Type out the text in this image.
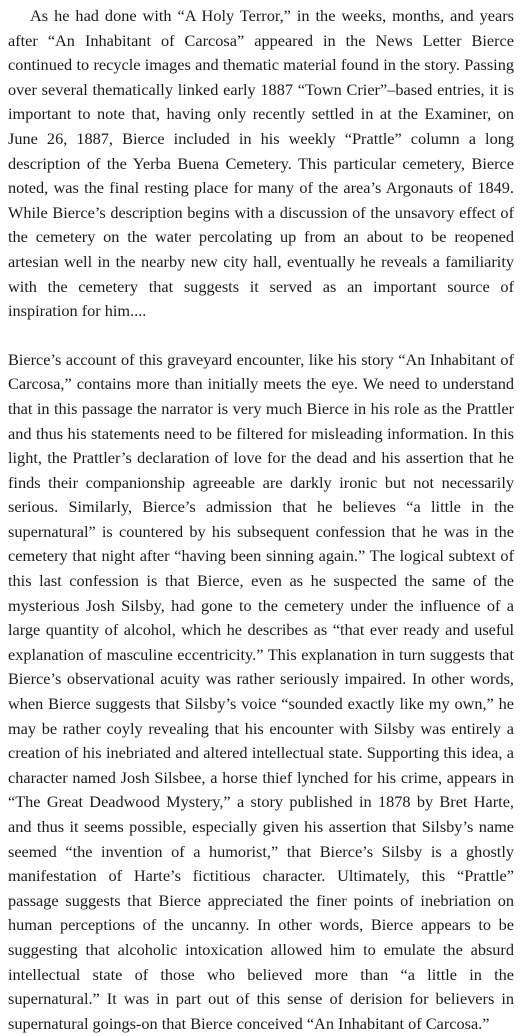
As he had done with “A Holy Terror,” in the weeks, months, and years after “An Inhabitant of Carcosa” appeared in the News Letter Bierce continued to recycle images and thematic material found in the story. Passing over several thematically linked early 1887 “Town Crier”–based entries, it is important to note that, having only recently settled in at the Examiner, on June 26, 1887, Bierce included in his weekly “Prattle” column a long description of the Yerba Buena Cemetery. This particular cemetery, Bierce noted, was the final resting place for many of the area’s Argonauts of 1849. While Bierce’s description begins with a discussion of the unsavory effect of the cemetery on the water percolating up from an about to be reopened artesian well in the nearby new city hall, eventually he reveals a familiarity with the cemetery that suggests it served as an important source of inspiration for him....

Bierce’s account of this graveyard encounter, like his story “An Inhabitant of Carcosa,” contains more than initially meets the eye. We need to understand that in this passage the narrator is very much Bierce in his role as the Prattler and thus his statements need to be filtered for misleading information. In this light, the Prattler’s declaration of love for the dead and his assertion that he finds their companionship agreeable are darkly ironic but not necessarily serious. Similarly, Bierce’s admission that he believes “a little in the supernatural” is countered by his subsequent confession that he was in the cemetery that night after “having been sinning again.” The logical subtext of this last confession is that Bierce, even as he suspected the same of the mysterious Josh Silsby, had gone to the cemetery under the influence of a large quantity of alcohol, which he describes as “that ever ready and useful explanation of masculine eccentricity.” This explanation in turn suggests that Bierce’s observational acuity was rather seriously impaired. In other words, when Bierce suggests that Silsby’s voice “sounded exactly like my own,” he may be rather coyly revealing that his encounter with Silsby was entirely a creation of his inebriated and altered intellectual state. Supporting this idea, a character named Josh Silsbee, a horse thief lynched for his crime, appears in “The Great Deadwood Mystery,” a story published in 1878 by Bret Harte, and thus it seems possible, especially given his assertion that Silsby’s name seemed “the invention of a humorist,” that Bierce’s Silsby is a ghostly manifestation of Harte’s fictitious character. Ultimately, this “Prattle” passage suggests that Bierce appreciated the finer points of inebriation on human perceptions of the uncanny. In other words, Bierce appears to be suggesting that alcoholic intoxication allowed him to emulate the absurd intellectual state of those who believed more than “a little in the supernatural.” It was in part out of this sense of derision for believers in supernatural goings-on that Bierce conceived “An Inhabitant of Carcosa.”
